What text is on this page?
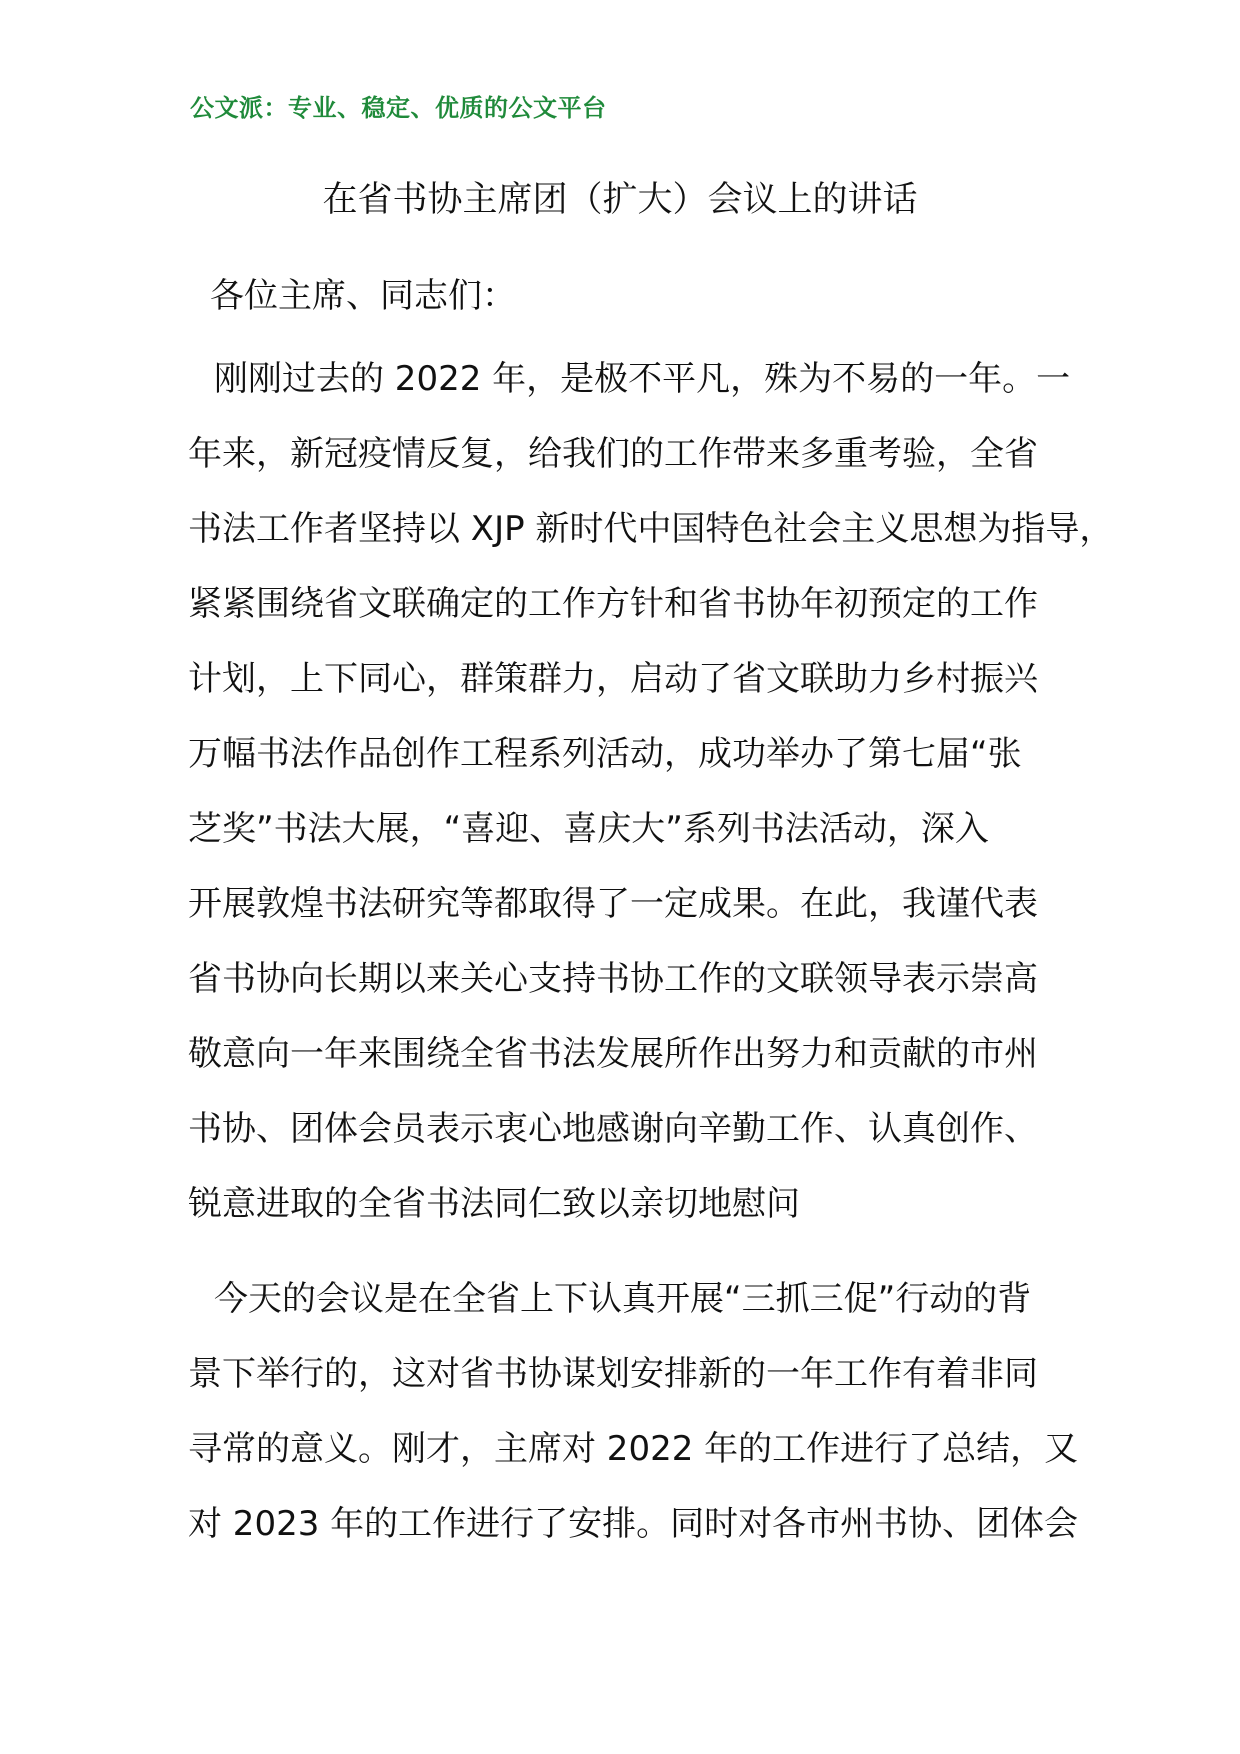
公文派：专业、稳定、优质的公文平台
在省书协主席团（扩大）会议上的讲话
各位主席、同志们：
刚刚过去的 2022 年，是极不平凡，殊为不易的一年。一
年来，新冠疫情反复，给我们的工作带来多重考验，全省
书法工作者坚持以 XJP 新时代中国特色社会主义思想为指导，
紧紧围绕省文联确定的工作方针和省书协年初预定的工作
计划，上下同心，群策群力，启动了省文联助力乡村振兴
万幅书法作品创作工程系列活动，成功举办了第七届“张
芝奖”书法大展，“喜迎、喜庆大”系列书法活动，深入
开展敦煌书法研究等都取得了一定成果。在此，我谨代表
省书协向长期以来关心支持书协工作的文联领导表示崇高
敬意向一年来围绕全省书法发展所作出努力和贡献的市州
书协、团体会员表示衷心地感谢向辛勤工作、认真创作、
锐意进取的全省书法同仁致以亲切地慰问
今天的会议是在全省上下认真开展“三抓三促”行动的背
景下举行的，这对省书协谋划安排新的一年工作有着非同
寻常的意义。刚才，主席对 2022 年的工作进行了总结，又
对 2023 年的工作进行了安排。同时对各市州书协、团体会
